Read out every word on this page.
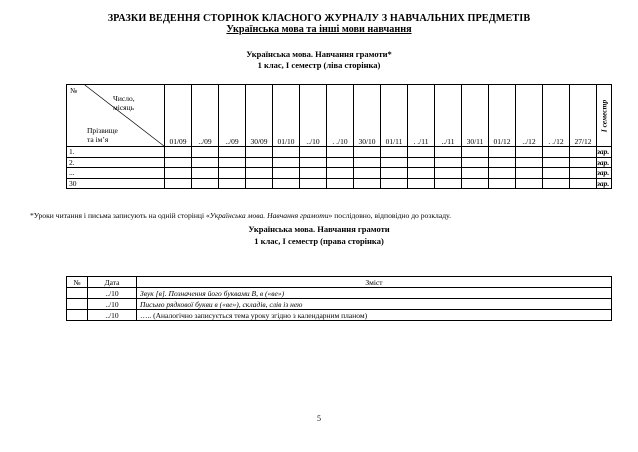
ЗРАЗКИ ВЕДЕННЯ СТОРІНОК КЛАСНОГО ЖУРНАЛУ З НАВЧАЛЬНИХ ПРЕДМЕТІВ
Українська мова та інші мови навчання
Українська мова. Навчання грамоти*
1 клас, І семестр (ліва сторінка)
№
Число,
місяць
Прізвище
та ім’я	01/09	../09	../09	30/09	01/10	../10	. ./10	30/10	01/11	. ./11	../11	30/11	01/12	../12	. ./12	27/12	І семестр

1.																	зар.
2.																	зар.
...																	зар.
30																	зар.
*Уроки читання і письма записують на одній сторінці «Українська мова. Навчання грамоти» послідовно, відповідно до розкладу.
Українська мова. Навчання грамоти
1 клас, І семестр (права сторінка)
№	Дата	Зміст
	../10	Звук [в]. Позначення його буквами В, в («ве»)
	../10	Письмо рядкової букви в («ве»), складів, слів із нею
	../10	….. (Аналогічно записується тема уроку згідно з календарним планом)
5
